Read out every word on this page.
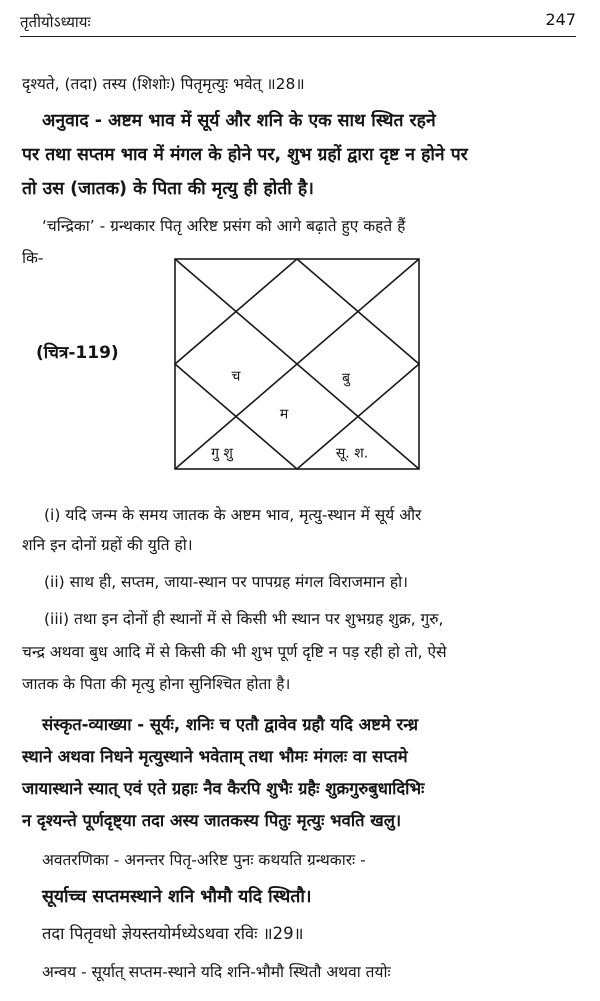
तृतीयोऽध्यायः	247
दृश्यते, (तदा) तस्य (शिशोः) पितृमृत्युः भवेत् ॥28॥
अनुवाद - अष्टम भाव में सूर्य और शनि के एक साथ स्थित रहने
पर तथा सप्तम भाव में मंगल के होने पर, शुभ ग्रहों द्वारा दृष्ट न होने पर
तो उस (जातक) के पिता की मृत्यु ही होती है।
‘चन्द्रिका’ - ग्रन्थकार पितृ अरिष्ट प्रसंग को आगे बढ़ाते हुए कहते हैं
कि-
(चित्र-119)
च	बु
म
गु शु	सू. श.
(i) यदि जन्म के समय जातक के अष्टम भाव, मृत्यु-स्थान में सूर्य और
शनि इन दोनों ग्रहों की युति हो।
(ii) साथ ही, सप्तम, जाया-स्थान पर पापग्रह मंगल विराजमान हो।
(iii) तथा इन दोनों ही स्थानों में से किसी भी स्थान पर शुभग्रह शुक्र, गुरु,
चन्द्र अथवा बुध आदि में से किसी की भी शुभ पूर्ण दृष्टि न पड़ रही हो तो, ऐसे
जातक के पिता की मृत्यु होना सुनिश्चित होता है।
संस्कृत-व्याख्या - सूर्यः, शनिः च एतौ द्वावेव ग्रहौ यदि अष्टमे रन्ध्र
स्थाने अथवा निधने मृत्युस्थाने भवेताम् तथा भौमः मंगलः वा सप्तमे
जायास्थाने स्यात् एवं एते ग्रहाः नैव कैरपि शुभैः ग्रहैः शुक्रगुरुबुधादिभिः
न दृश्यन्ते पूर्णदृष्ट्या तदा अस्य जातकस्य पितुः मृत्युः भवति खलु।
अवतरणिका - अनन्तर पितृ-अरिष्ट पुनः कथयति ग्रन्थकारः -
सूर्याच्च सप्तमस्थाने शनि भौमौ यदि स्थितौ।
तदा पितृवधो ज्ञेयस्तयोर्मध्येऽथवा रविः ॥29॥
अन्वय - सूर्यात् सप्तम-स्थाने यदि शनि-भौमौ स्थितौ अथवा तयोः
